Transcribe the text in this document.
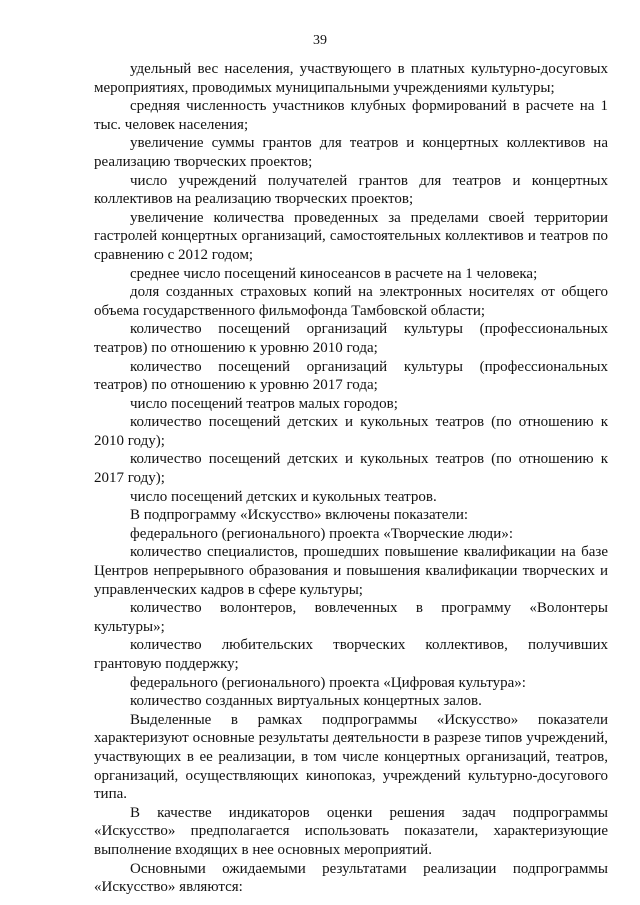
39

удельный вес населения, участвующего в платных культурно-досуговых мероприятиях, проводимых муниципальными учреждениями культуры;

средняя численность участников клубных формирований в расчете на 1 тыс. человек населения;

увеличение суммы грантов для театров и концертных коллективов на реализацию творческих проектов;

число учреждений получателей грантов для театров и концертных коллективов на реализацию творческих проектов;

увеличение количества проведенных за пределами своей территории гастролей концертных организаций, самостоятельных коллективов и театров по сравнению с 2012 годом;

среднее число посещений киносеансов в расчете на 1 человека;

доля созданных страховых копий на электронных носителях от общего объема государственного фильмофонда Тамбовской области;

количество посещений организаций культуры (профессиональных театров) по отношению к уровню 2010 года;

количество посещений организаций культуры (профессиональных театров) по отношению к уровню 2017 года;

число посещений театров малых городов;

количество посещений детских и кукольных театров (по отношению к 2010 году);

количество посещений детских и кукольных театров (по отношению к 2017 году);

число посещений детских и кукольных театров.

В подпрограмму «Искусство» включены показатели:

федерального (регионального) проекта «Творческие люди»:

количество специалистов, прошедших повышение квалификации на базе Центров непрерывного образования и повышения квалификации творческих и управленческих кадров в сфере культуры;

количество волонтеров, вовлеченных в программу «Волонтеры культуры»;

количество любительских творческих коллективов, получивших грантовую поддержку;

федерального (регионального) проекта «Цифровая культура»:

количество созданных виртуальных концертных залов.

Выделенные в рамках подпрограммы «Искусство» показатели характеризуют основные результаты деятельности в разрезе типов учреждений, участвующих в ее реализации, в том числе концертных организаций, театров, организаций, осуществляющих кинопоказ, учреждений культурно-досугового типа.

В качестве индикаторов оценки решения задач подпрограммы «Искусство» предполагается использовать показатели, характеризующие выполнение входящих в нее основных мероприятий.

Основными ожидаемыми результатами реализации подпрограммы «Искусство» являются:
